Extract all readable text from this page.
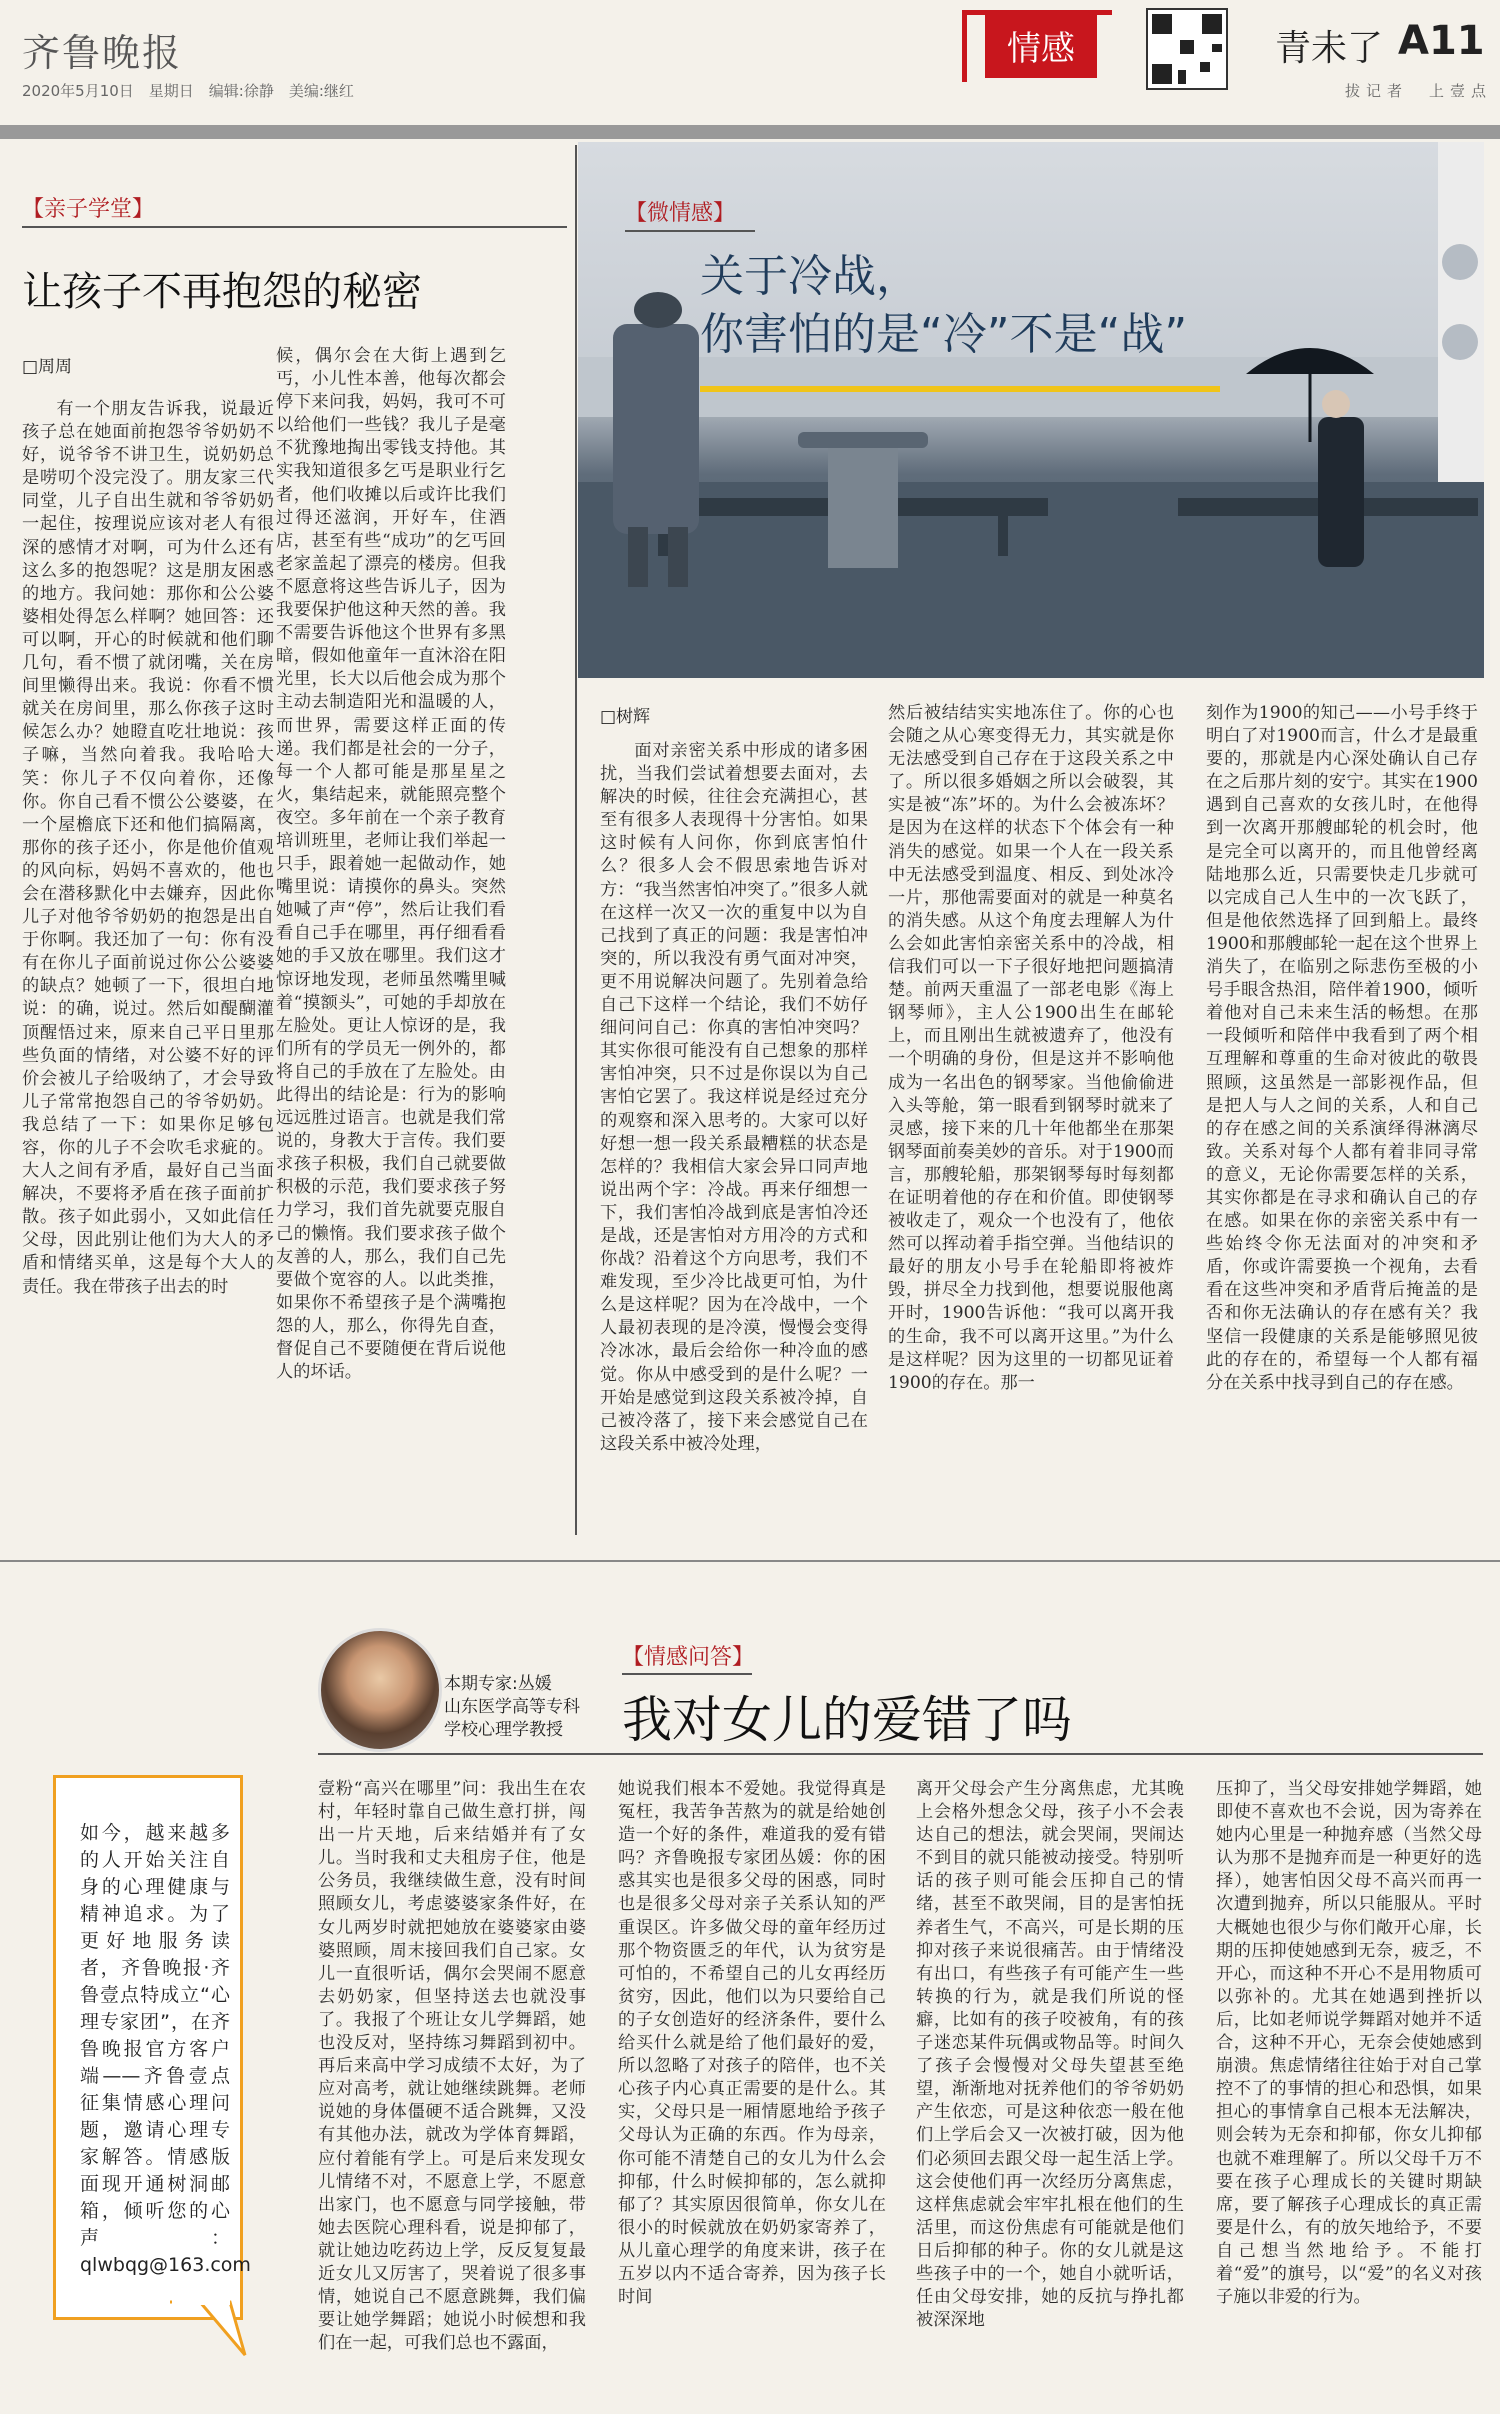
齐鲁晚报
2020年5月10日　星期日　编辑:徐静　美编:继红
情感	青未了 A11
拔记者　上壹点
【亲子学堂】
让孩子不再抱怨的秘密
□周周
有一个朋友告诉我，说最近孩子总在她面前抱怨爷爷奶奶不好，说爷爷不讲卫生，说奶奶总是唠叨个没完没了。朋友家三代同堂，儿子自出生就和爷爷奶奶一起住，按理说应该对老人有很深的感情才对啊，可为什么还有这么多的抱怨呢？这是朋友困惑的地方。我问她：那你和公公婆婆相处得怎么样啊？她回答：还可以啊，开心的时候就和他们聊几句，看不惯了就闭嘴，关在房间里懒得出来。我说：你看不惯就关在房间里，那么你孩子这时候怎么办？她瞪直吃壮地说：孩子嘛，当然向着我。我哈哈大笑：你儿子不仅向着你，还像你。你自己看不惯公公婆婆，在一个屋檐底下还和他们搞隔离，那你的孩子还小，你是他价值观的风向标，妈妈不喜欢的，他也会在潜移默化中去嫌弃，因此你儿子对他爷爷奶奶的抱怨是出自于你啊。我还加了一句：你有没有在你儿子面前说过你公公婆婆的缺点？她顿了一下，很坦白地说：的确，说过。然后如醍醐灌顶醒悟过来，原来自己平日里那些负面的情绪，对公婆不好的评价会被儿子给吸纳了，才会导致儿子常常抱怨自己的爷爷奶奶。我总结了一下：如果你足够包容，你的儿子不会吹毛求疵的。大人之间有矛盾，最好自己当面解决，不要将矛盾在孩子面前扩散。孩子如此弱小，又如此信任父母，因此别让他们为大人的矛盾和情绪买单，这是每个大人的责任。我在带孩子出去的时
候，偶尔会在大街上遇到乞丐，小儿性本善，他每次都会停下来问我，妈妈，我可不可以给他们一些钱？我儿子是毫不犹豫地掏出零钱支持他。其实我知道很多乞丐是职业行乞者，他们收摊以后或许比我们过得还滋润，开好车，住酒店，甚至有些“成功”的乞丐回老家盖起了漂亮的楼房。但我不愿意将这些告诉儿子，因为我要保护他这种天然的善。我不需要告诉他这个世界有多黑暗，假如他童年一直沐浴在阳光里，长大以后他会成为那个主动去制造阳光和温暖的人，而世界，需要这样正面的传递。我们都是社会的一分子，每一个人都可能是那星星之火，集结起来，就能照亮整个夜空。多年前在一个亲子教育培训班里，老师让我们举起一只手，跟着她一起做动作，她嘴里说：请摸你的鼻头。突然她喊了声“停”，然后让我们看看自己手在哪里，再仔细看看她的手又放在哪里。我们这才惊讶地发现，老师虽然嘴里喊着“摸额头”，可她的手却放在左脸处。更让人惊讶的是，我们所有的学员无一例外的，都将自己的手放在了左脸处。由此得出的结论是：行为的影响远远胜过语言。也就是我们常说的，身教大于言传。我们要求孩子积极，我们自己就要做积极的示范，我们要求孩子努力学习，我们首先就要克服自己的懒惰。我们要求孩子做个友善的人，那么，我们自己先要做个宽容的人。以此类推，如果你不希望孩子是个满嘴抱怨的人，那么，你得先自查，督促自己不要随便在背后说他人的坏话。
【微情感】
关于冷战，
你害怕的是“冷”不是“战”
□树辉
面对亲密关系中形成的诸多困扰，当我们尝试着想要去面对，去解决的时候，往往会充满担心，甚至有很多人表现得十分害怕。如果这时候有人问你，你到底害怕什么？很多人会不假思索地告诉对方：“我当然害怕冲突了。”很多人就在这样一次又一次的重复中以为自己找到了真正的问题：我是害怕冲突的，所以我没有勇气面对冲突，更不用说解决问题了。先别着急给自己下这样一个结论，我们不妨仔细问问自己：你真的害怕冲突吗？其实你很可能没有自己想象的那样害怕冲突，只不过是你误以为自己害怕它罢了。我这样说是经过充分的观察和深入思考的。大家可以好好想一想一段关系最糟糕的状态是怎样的？我相信大家会异口同声地说出两个字：冷战。再来仔细想一下，我们害怕冷战到底是害怕冷还是战，还是害怕对方用冷的方式和你战？沿着这个方向思考，我们不难发现，至少冷比战更可怕，为什么是这样呢？因为在冷战中，一个人最初表现的是冷漠，慢慢会变得冷冰冰，最后会给你一种冷血的感觉。你从中感受到的是什么呢？一开始是感觉到这段关系被冷掉，自己被冷落了，接下来会感觉自己在这段关系中被冷处理，
然后被结结实实地冻住了。你的心也会随之从心寒变得无力，其实就是你无法感受到自己存在于这段关系之中了。所以很多婚姻之所以会破裂，其实是被“冻”坏的。为什么会被冻坏？是因为在这样的状态下个体会有一种消失的感觉。如果一个人在一段关系中无法感受到温度、相反、到处冰冷一片，那他需要面对的就是一种莫名的消失感。从这个角度去理解人为什么会如此害怕亲密关系中的冷战，相信我们可以一下子很好地把问题搞清楚。前两天重温了一部老电影《海上钢琴师》，主人公1900出生在邮轮上，而且刚出生就被遗弃了，他没有一个明确的身份，但是这并不影响他成为一名出色的钢琴家。当他偷偷进入头等舱，第一眼看到钢琴时就来了灵感，接下来的几十年他都坐在那架钢琴面前奏美妙的音乐。对于1900而言，那艘轮船，那架钢琴每时每刻都在证明着他的存在和价值。即使钢琴被收走了，观众一个也没有了，他依然可以挥动着手指空弹。当他结识的最好的朋友小号手在轮船即将被炸毁，拼尽全力找到他，想要说服他离开时，1900告诉他：“我可以离开我的生命，我不可以离开这里。”为什么是这样呢？因为这里的一切都见证着1900的存在。那一
刻作为1900的知己——小号手终于明白了对1900而言，什么才是最重要的，那就是内心深处确认自己存在之后那片刻的安宁。其实在1900遇到自己喜欢的女孩儿时，在他得到一次离开那艘邮轮的机会时，他是完全可以离开的，而且他曾经离陆地那么近，只需要快走几步就可以完成自己人生中的一次飞跃了，但是他依然选择了回到船上。最终1900和那艘邮轮一起在这个世界上消失了，在临别之际悲伤至极的小号手眼含热泪，陪伴着1900，倾听着他对自己未来生活的畅想。在那一段倾听和陪伴中我看到了两个相互理解和尊重的生命对彼此的敬畏照顾，这虽然是一部影视作品，但是把人与人之间的关系，人和自己的存在感之间的关系演绎得淋漓尽致。关系对每个人都有着非同寻常的意义，无论你需要怎样的关系，其实你都是在寻求和确认自己的存在感。如果在你的亲密关系中有一些始终令你无法面对的冲突和矛盾，你或许需要换一个视角，去看看在这些冲突和矛盾背后掩盖的是否和你无法确认的存在感有关？我坚信一段健康的关系是能够照见彼此的存在的，希望每一个人都有福分在关系中找寻到自己的存在感。
本期专家:丛媛
山东医学高等专科
学校心理学教授
【情感问答】
我对女儿的爱错了吗
壹粉“高兴在哪里”问：我出生在农村，年轻时靠自己做生意打拼，闯出一片天地，后来结婚并有了女儿。当时我和丈夫租房子住，他是公务员，我继续做生意，没有时间照顾女儿，考虑婆婆家条件好，在女儿两岁时就把她放在婆婆家由婆婆照顾，周末接回我们自己家。女儿一直很听话，偶尔会哭闹不愿意去奶奶家，但坚持送去也就没事了。我报了个班让女儿学舞蹈，她也没反对，坚持练习舞蹈到初中。再后来高中学习成绩不太好，为了应对高考，就让她继续跳舞。老师说她的身体僵硬不适合跳舞，又没有其他办法，就改为学体育舞蹈，应付着能有学上。可是后来发现女儿情绪不对，不愿意上学，不愿意出家门，也不愿意与同学接触，带她去医院心理科看，说是抑郁了，就让她边吃药边上学，反反复复最近女儿又厉害了，哭着说了很多事情，她说自己不愿意跳舞，我们偏要让她学舞蹈；她说小时候想和我们在一起，可我们总也不露面，
她说我们根本不爱她。我觉得真是冤枉，我苦争苦熬为的就是给她创造一个好的条件，难道我的爱有错吗？齐鲁晚报专家团丛媛：你的困惑其实也是很多父母的困惑，同时也是很多父母对亲子关系认知的严重误区。许多做父母的童年经历过那个物资匮乏的年代，认为贫穷是可怕的，不希望自己的儿女再经历贫穷，因此，他们以为只要给自己的子女创造好的经济条件，要什么给买什么就是给了他们最好的爱，所以忽略了对孩子的陪伴，也不关心孩子内心真正需要的是什么。其实，父母只是一厢情愿地给予孩子父母认为正确的东西。作为母亲，你可能不清楚自己的女儿为什么会抑郁，什么时候抑郁的，怎么就抑郁了？其实原因很简单，你女儿在很小的时候就放在奶奶家寄养了，从儿童心理学的角度来讲，孩子在五岁以内不适合寄养，因为孩子长时间
离开父母会产生分离焦虑，尤其晚上会格外想念父母，孩子小不会表达自己的想法，就会哭闹，哭闹达不到目的就只能被动接受。特别听话的孩子则可能会压抑自己的情绪，甚至不敢哭闹，目的是害怕抚养者生气，不高兴，可是长期的压抑对孩子来说很痛苦。由于情绪没有出口，有些孩子有可能产生一些转换的行为，就是我们所说的怪癖，比如有的孩子咬被角，有的孩子迷恋某件玩偶或物品等。时间久了孩子会慢慢对父母失望甚至绝望，渐渐地对抚养他们的爷爷奶奶产生依恋，可是这种依恋一般在他们上学后会又一次被打破，因为他们必须回去跟父母一起生活上学。这会使他们再一次经历分离焦虑，这样焦虑就会牢牢扎根在他们的生活里，而这份焦虑有可能就是他们日后抑郁的种子。你的女儿就是这些孩子中的一个，她自小就听话，任由父母安排，她的反抗与挣扎都被深深地
压抑了，当父母安排她学舞蹈，她即使不喜欢也不会说，因为寄养在她内心里是一种抛弃感（当然父母认为那不是抛弃而是一种更好的选择），她害怕因父母不高兴而再一次遭到抛弃，所以只能服从。平时大概她也很少与你们敞开心扉，长期的压抑使她感到无奈，疲乏，不开心，而这种不开心不是用物质可以弥补的。尤其在她遇到挫折以后，比如老师说学舞蹈对她并不适合，这种不开心，无奈会使她感到崩溃。焦虑情绪往往始于对自己掌控不了的事情的担心和恐惧，如果担心的事情拿自己根本无法解决，则会转为无奈和抑郁，你女儿抑郁也就不难理解了。所以父母千万不要在孩子心理成长的关键时期缺席，要了解孩子心理成长的真正需要是什么，有的放矢地给予，不要自己想当然地给予。不能打着“爱”的旗号，以“爱”的名义对孩子施以非爱的行为。
如今，越来越多的人开始关注自身的心理健康与精神追求。为了更好地服务读者，齐鲁晚报·齐鲁壹点特成立“心理专家团”，在齐鲁晚报官方客户端——齐鲁壹点征集情感心理问题，邀请心理专家解答。情感版面现开通树洞邮箱，倾听您的心声：qlwbqg@163.com
